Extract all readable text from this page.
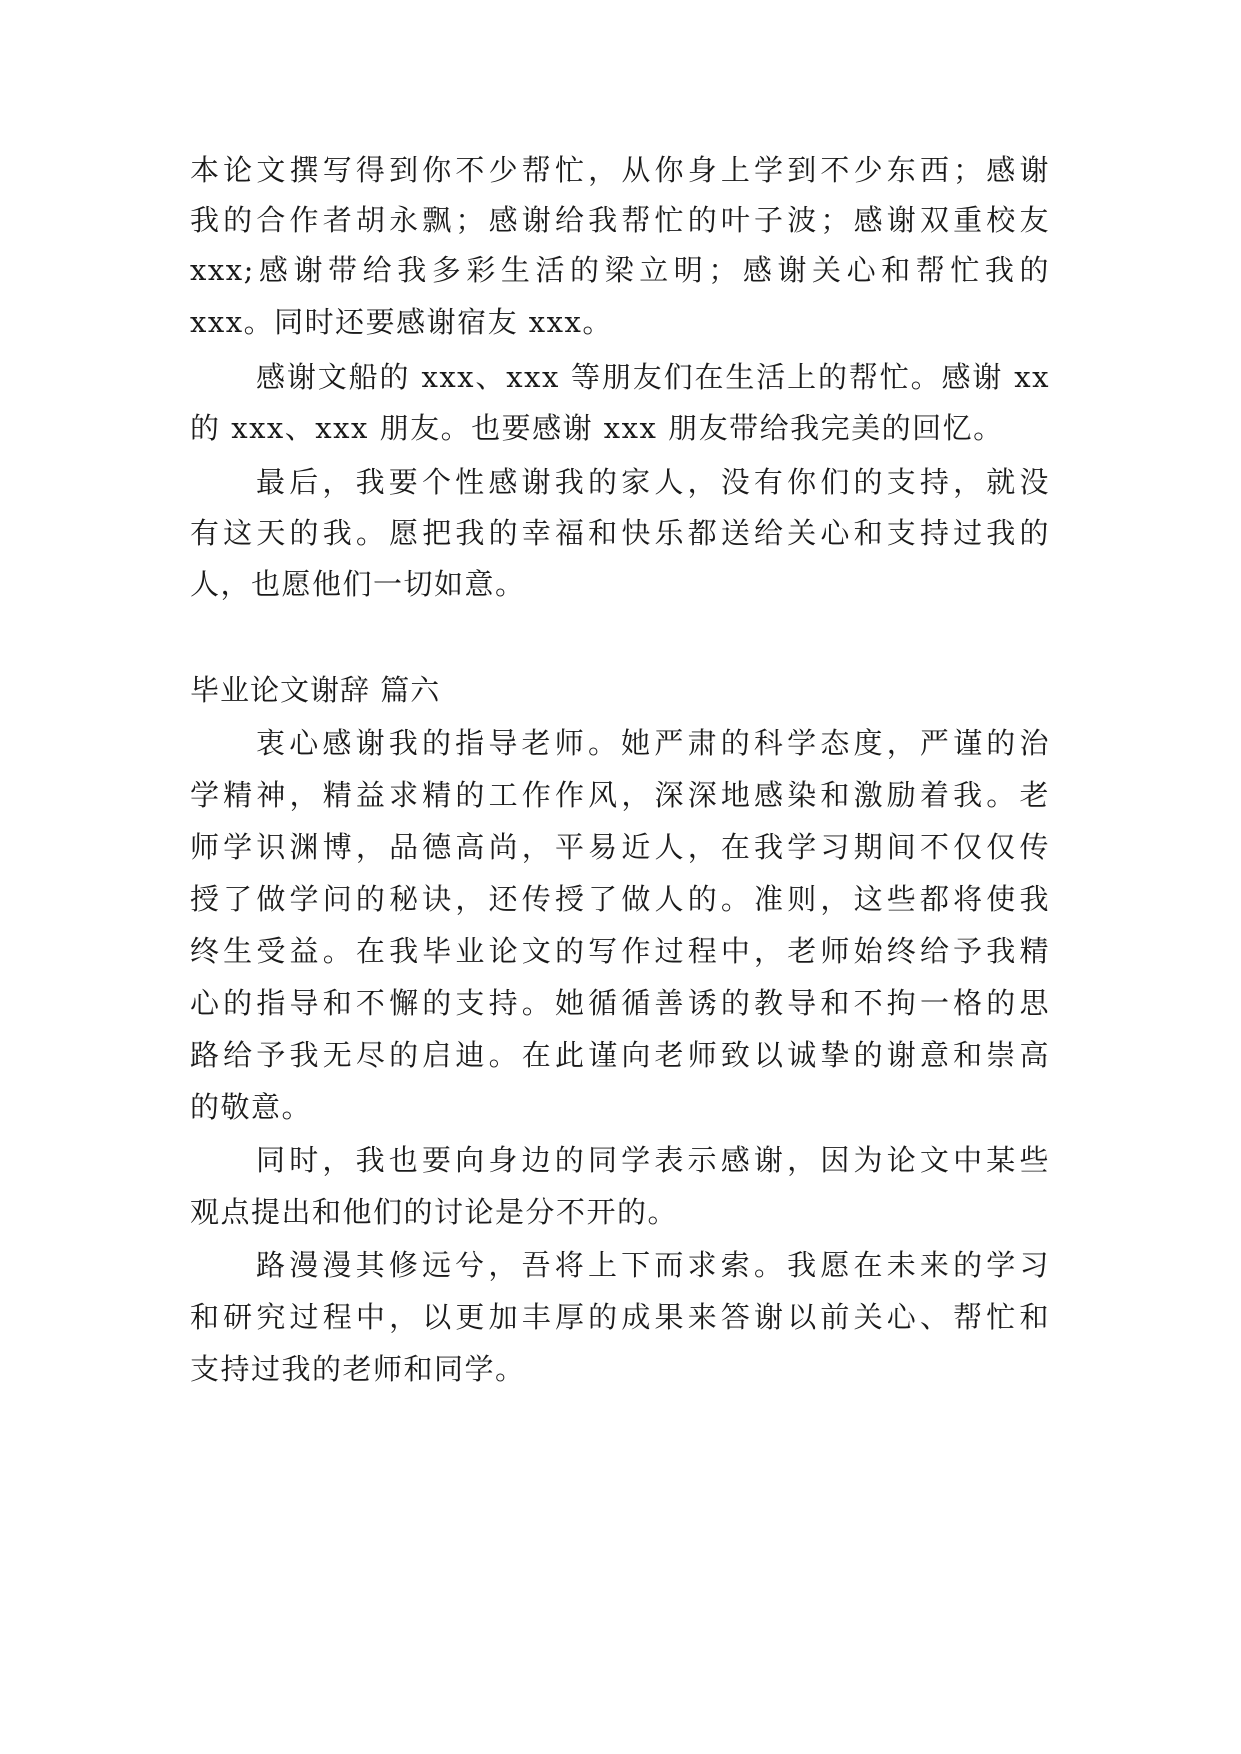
本论文撰写得到你不少帮忙，从你身上学到不少东西；感谢
我的合作者胡永飘；感谢给我帮忙的叶子波；感谢双重校友
xxx;感谢带给我多彩生活的梁立明；感谢关心和帮忙我的
xxx。同时还要感谢宿友 xxx。
感谢文船的 xxx、xxx 等朋友们在生活上的帮忙。感谢 xx
的 xxx、xxx 朋友。也要感谢 xxx 朋友带给我完美的回忆。
最后，我要个性感谢我的家人，没有你们的支持，就没
有这天的我。愿把我的幸福和快乐都送给关心和支持过我的
人，也愿他们一切如意。
毕业论文谢辞 篇六
衷心感谢我的指导老师。她严肃的科学态度，严谨的治
学精神，精益求精的工作作风，深深地感染和激励着我。老
师学识渊博，品德高尚，平易近人，在我学习期间不仅仅传
授了做学问的秘诀，还传授了做人的。准则，这些都将使我
终生受益。在我毕业论文的写作过程中，老师始终给予我精
心的指导和不懈的支持。她循循善诱的教导和不拘一格的思
路给予我无尽的启迪。在此谨向老师致以诚挚的谢意和崇高
的敬意。
同时，我也要向身边的同学表示感谢，因为论文中某些
观点提出和他们的讨论是分不开的。
路漫漫其修远兮，吾将上下而求索。我愿在未来的学习
和研究过程中，以更加丰厚的成果来答谢以前关心、帮忙和
支持过我的老师和同学。
